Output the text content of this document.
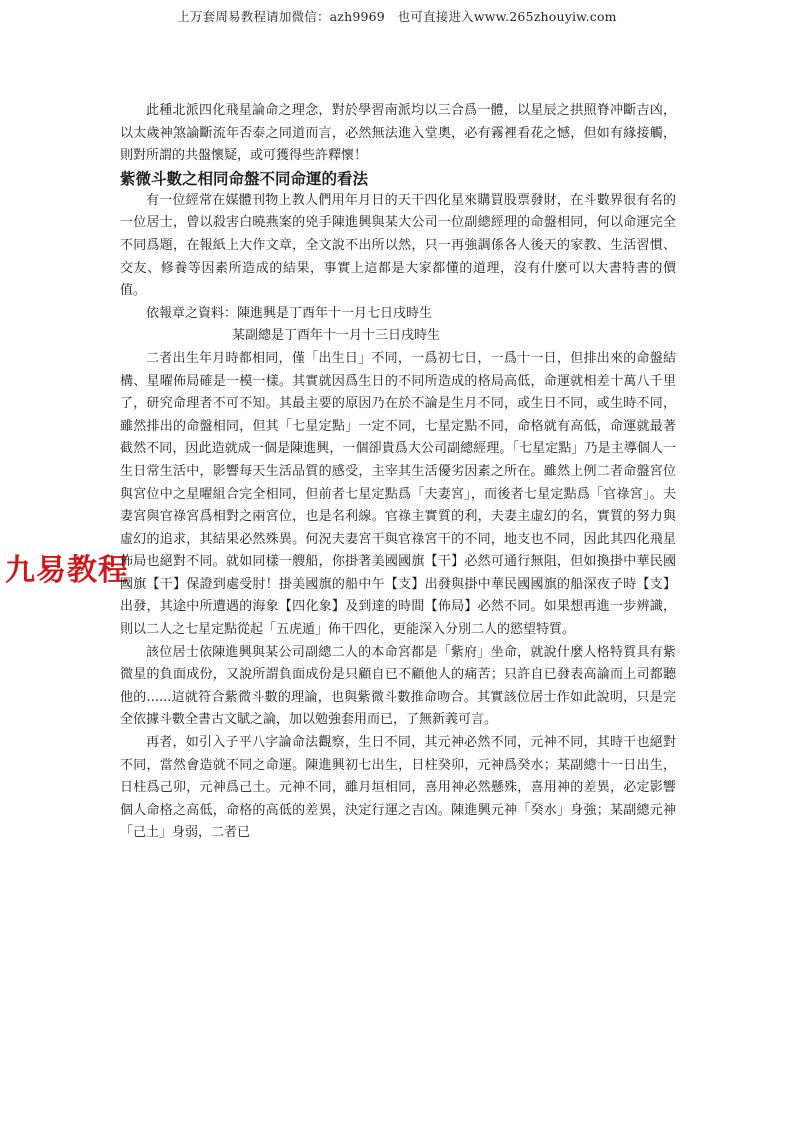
上万套周易教程请加微信：azh9969　也可直接进入www.265zhouyiw.com
九易教程

此種北派四化飛星論命之理念，對於學習南派均以三合爲一體，以星辰之拱照脊冲斷吉凶，以太歲神煞論斷流年否泰之同道而言，必然無法進入堂奧，必有霧裡看花之憾，但如有緣接觸，則對所謂的共盤懷疑，或可獲得些許釋懷！

紫微斗數之相同命盤不同命運的看法

有一位經常在媒體刊物上教人們用年月日的天干四化星來購買股票發財，在斗數界很有名的一位居士，曾以殺害白曉燕案的兇手陳進興與某大公司一位副總經理的命盤相同，何以命運完全不同爲題，在報紙上大作文章，全文說不出所以然，只一再強調係各人後天的家教、生活習慣、交友、修養等因素所造成的結果，事實上這都是大家都懂的道理，沒有什麼可以大書特書的價值。

依報章之資料：陳進興是丁酉年十一月七日戌時生

某副總是丁酉年十一月十三日戌時生

二者出生年月時都相同，僅「出生日」不同，一爲初七日，一爲十一日，但排出來的命盤結構、星曜佈局確是一模一樣。其實就因爲生日的不同所造成的格局高低，命運就相差十萬八千里了，研究命理者不可不知。其最主要的原因乃在於不論是生月不同，或生日不同，或生時不同，雖然排出的命盤相同，但其「七星定點」一定不同，七星定點不同，命格就有高低，命運就最著截然不同，因此造就成一個是陳進興，一個卻貴爲大公司副總經理。「七星定點」乃是主導個人一生日常生活中，影響每天生活品質的感受，主宰其生活優劣因素之所在。雖然上例二者命盤宮位與宮位中之星曜組合完全相同，但前者七星定點爲「夫妻宮」，而後者七星定點爲「官祿宮」。夫妻宮與官祿宮爲相對之兩宮位，也是名利線。官祿主實質的利，夫妻主虛幻的名，實質的努力與虛幻的追求，其結果必然殊異。何況夫妻宮干與官祿宮干的不同，地支也不同，因此其四化飛星佈局也絕對不同。就如同樣一艘船，你掛著美國國旗【干】必然可通行無阻，但如換掛中華民國國旗【干】保證到處受肘！掛美國旗的船中午【支】出發與掛中華民國國旗的船深夜子時【支】出發，其途中所遭遇的海象【四化象】及到達的時間【佈局】必然不同。如果想再進一步辨識，則以二人之七星定點從起「五虎遁」佈干四化，更能深入分別二人的慾望特質。

該位居士依陳進興與某公司副總二人的本命宮都是「紫府」坐命，就說什麼人格特質具有紫微星的負面成份，又說所謂負面成份是只顧自已不顧他人的痛苦；只許自已發表高論而上司都聽他的......這就符合紫微斗數的理論，也與紫微斗數推命吻合。其實該位居士作如此說明，只是完全依據斗數全書古文賦之論，加以勉強套用而已，了無新義可言。

再者，如引入子平八字論命法觀察，生日不同，其元神必然不同，元神不同，其時干也絕對不同，當然會造就不同之命運。陳進興初七出生，日柱癸卯，元神爲癸水；某副總十一日出生，日柱爲己卯，元神爲己土。元神不同，雖月垣相同，喜用神必然懸殊，喜用神的差異，必定影響個人命格之高低，命格的高低的差異，決定行運之吉凶。陳進興元神「癸水」身強；某副總元神「己土」身弱，二者已
